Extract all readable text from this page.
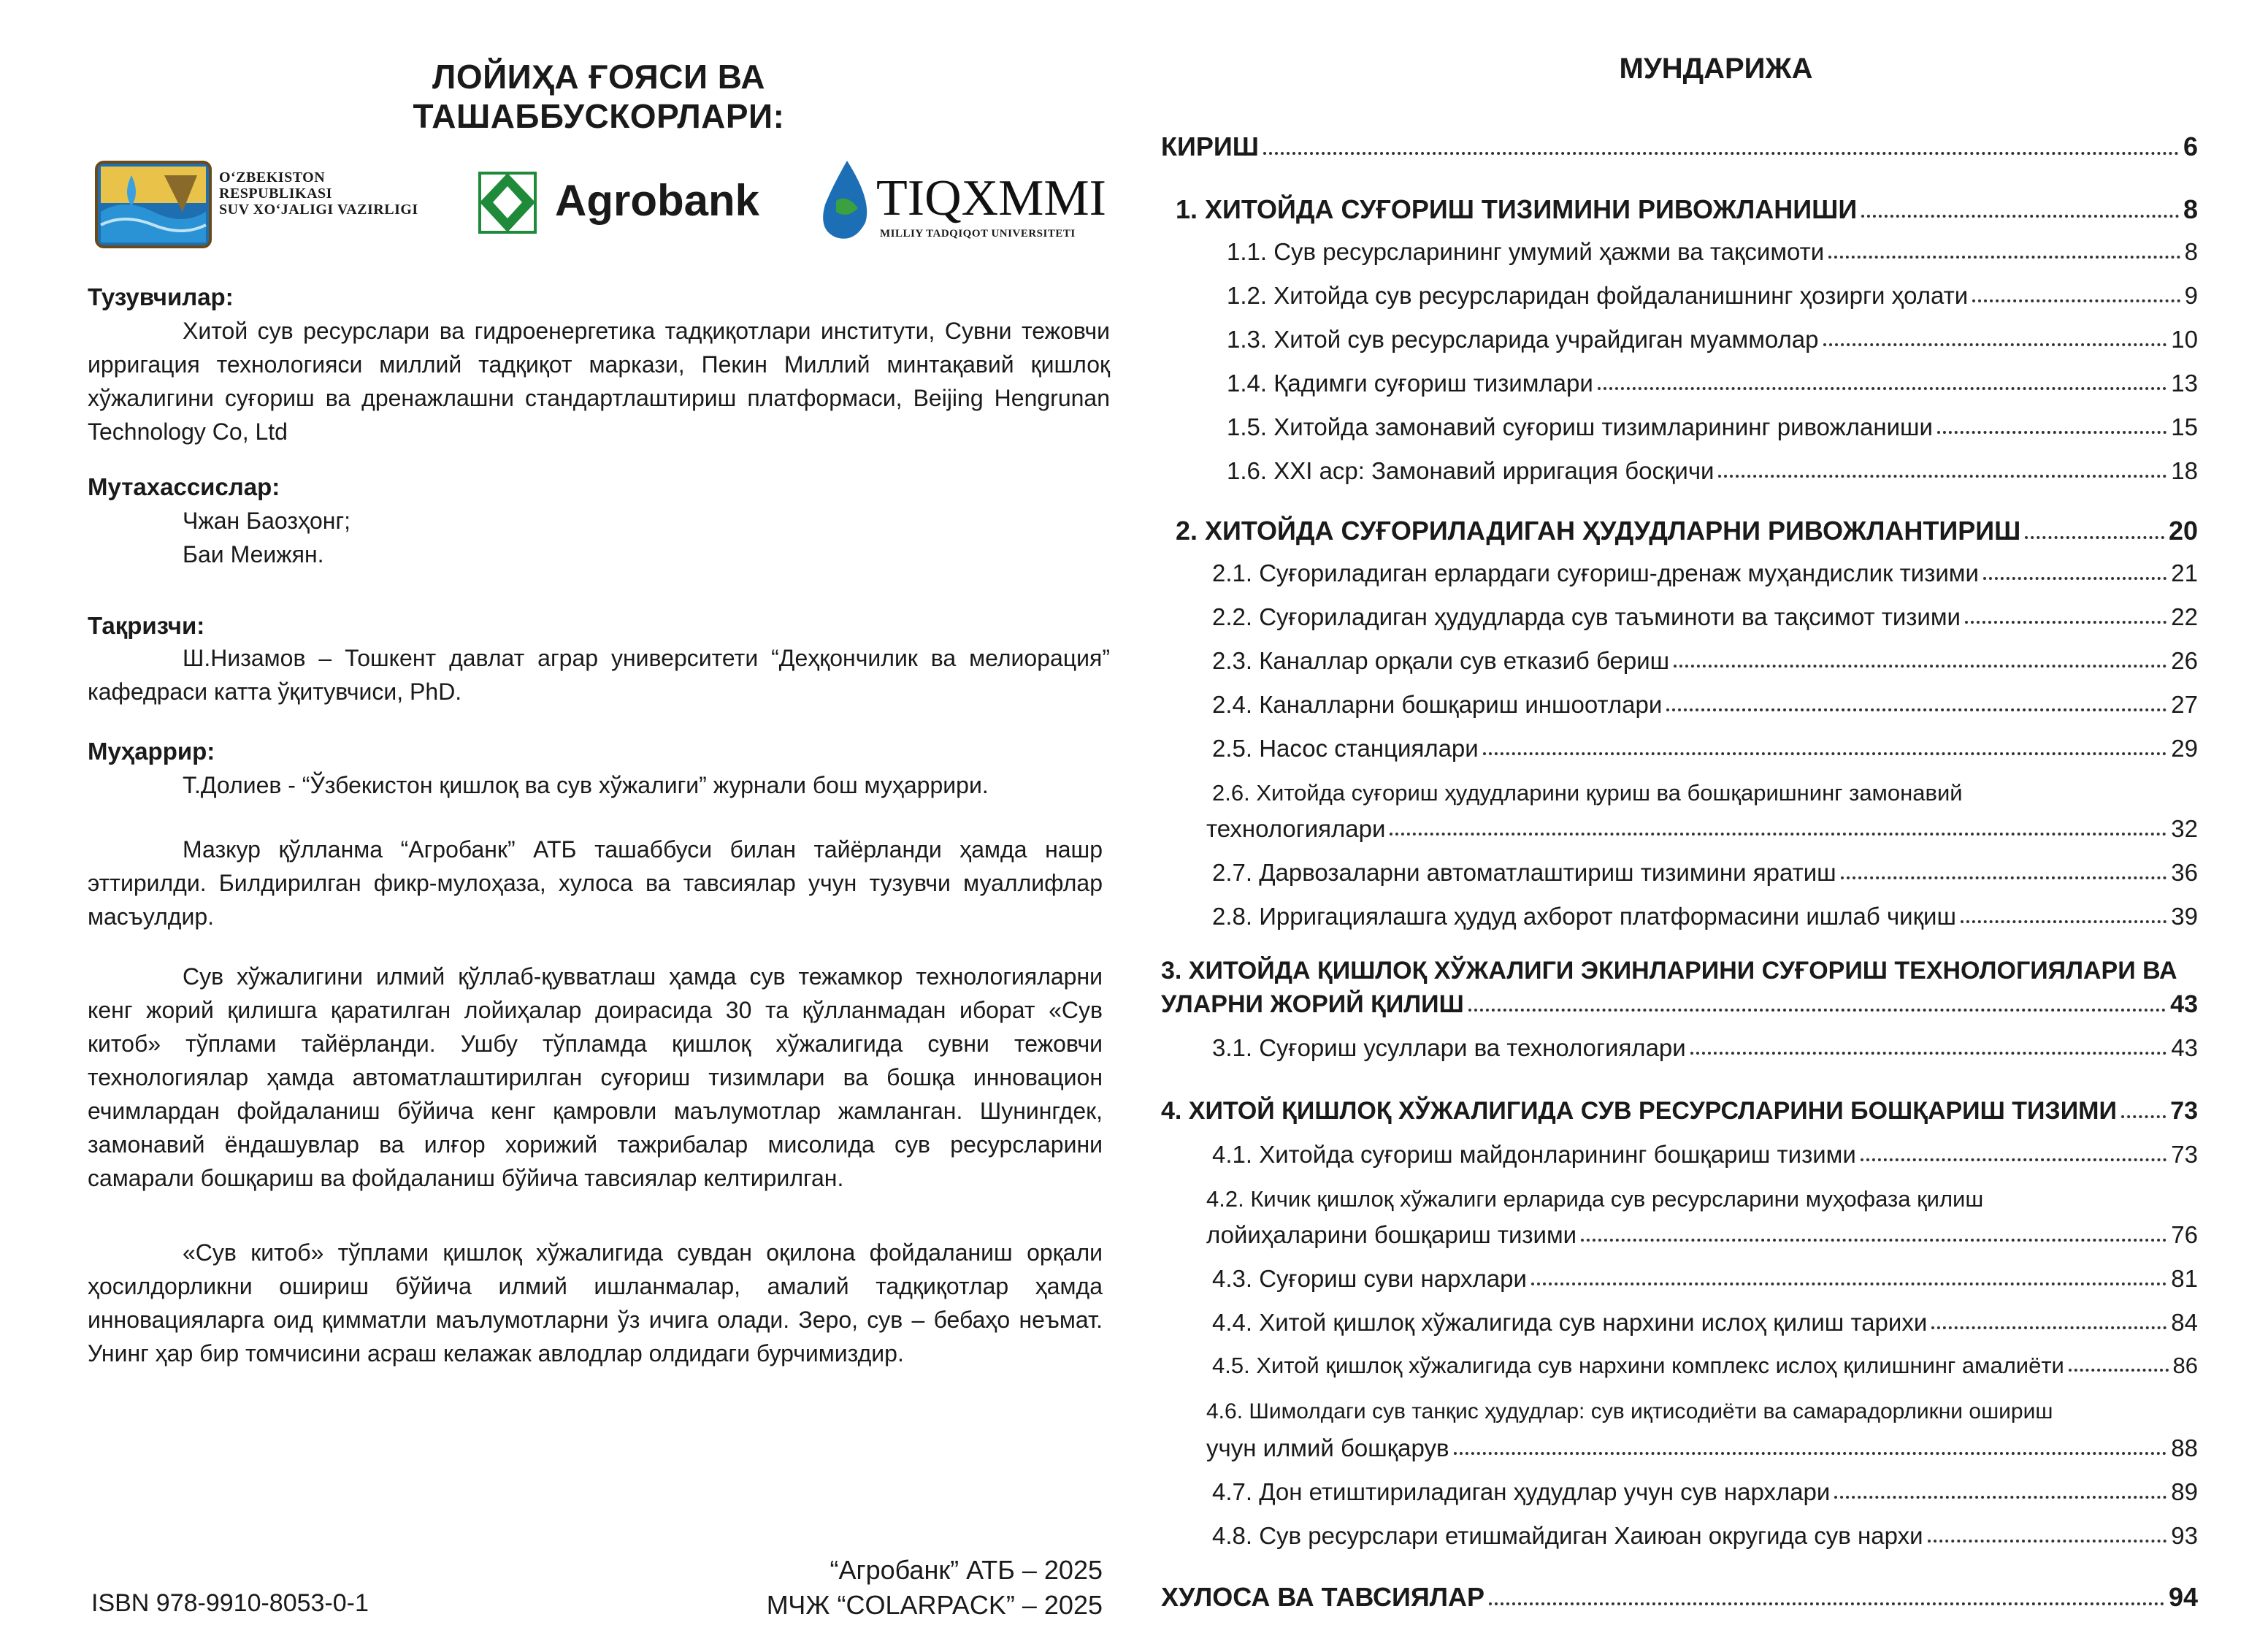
ЛОЙИҲА ҒОЯСИ ВА ТАШАББУСКОРЛАРИ:
OʻZBEKISTON
RESPUBLIKASI
SUV XOʻJALIGI VAZIRLIGI	Agrobank TIQXMMI
MILLIY TADQIQOT UNIVERSITETI
Тузувчилар:
Хитой сув ресурслари ва гидроенергетика тадқиқотлари институти, Сувни тежовчи ирригация технологияси миллий тадқиқот маркази, Пекин Миллий минтақавий қишлоқ хўжалигини суғориш ва дренажлашни стандартлаштириш платформаси, Beijing Hengrunan Technology Co, Ltd
Мутахассислар:
Чжан Баозҳонг;
Баи Меижян.
Тақризчи:
Ш.Низамов – Тошкент давлат аграр университети “Деҳқончилик ва мелиорация” кафедраси катта ўқитувчиси, PhD.
Муҳаррир:
Т.Долиев - “Ўзбекистон қишлоқ ва сув хўжалиги” журнали бош муҳаррири.
Мазкур қўлланма “Агробанк” АТБ ташаббуси билан тайёрланди ҳамда нашр эттирилди. Билдирилган фикр-мулоҳаза, хулоса ва тавсиялар учун тузувчи муаллифлар масъулдир.
Сув хўжалигини илмий қўллаб-қувватлаш ҳамда сув тежамкор технологияларни кенг жорий қилишга қаратилган лойиҳалар доирасида 30 та қўлланмадан иборат «Сув китоб» тўплами тайёрланди. Ушбу тўпламда қишлоқ хўжалигида сувни тежовчи технологиялар ҳамда автоматлаштирилган суғориш тизимлари ва бошқа инновацион ечимлардан фойдаланиш бўйича кенг қамровли маълумотлар жамланган. Шунингдек, замонавий ёндашувлар ва илғор хорижий тажрибалар мисолида сув ресурсларини самарали бошқариш ва фойдаланиш бўйича тавсиялар келтирилган.
«Сув китоб» тўплами қишлоқ хўжалигида сувдан оқилона фойдаланиш орқали ҳосилдорликни ошириш бўйича илмий ишланмалар, амалий тадқиқотлар ҳамда инновацияларга оид қимматли маълумотларни ўз ичига олади. Зеро, сув – бебаҳо неъмат. Унинг ҳар бир томчисини асраш келажак авлодлар олдидаги бурчимиздир.
ISBN 978-9910-8053-0-1
“Агробанк” АТБ – 2025
МЧЖ “COLARPACK” – 2025
МУНДАРИЖА
КИРИШ	6
1. ХИТОЙДА СУҒОРИШ ТИЗИМИНИ РИВОЖЛАНИШИ	8
1.1. Сув ресурсларининг умумий ҳажми ва тақсимоти	8
1.2. Хитойда сув ресурсларидан фойдаланишнинг ҳозирги ҳолати	9
1.3. Хитой сув ресурсларида учрайдиган муаммолар	10
1.4. Қадимги суғориш тизимлари	13
1.5. Хитойда замонавий суғориш тизимларининг ривожланиши	15
1.6. XXI аср: Замонавий ирригация босқичи	18
2. ХИТОЙДА СУҒОРИЛАДИГАН ҲУДУДЛАРНИ РИВОЖЛАНТИРИШ	20
2.1. Суғориладиган ерлардаги суғориш-дренаж муҳандислик тизими	21
2.2. Суғориладиган ҳудудларда сув таъминоти ва тақсимот тизими	22
2.3. Каналлар орқали сув етказиб бериш	26
2.4. Каналларни бошқариш иншоотлари	27
2.5. Насос станциялари	29
2.6. Хитойда суғориш ҳудудларини қуриш ва бошқаришнинг замонавий
технологиялари	32
2.7. Дарвозаларни автоматлаштириш тизимини яратиш	36
2.8. Ирригациялашга ҳудуд ахборот платформасини ишлаб чиқиш	39
3. ХИТОЙДА ҚИШЛОҚ ХЎЖАЛИГИ ЭКИНЛАРИНИ СУҒОРИШ ТЕХНОЛОГИЯЛАРИ ВА
УЛАРНИ ЖОРИЙ ҚИЛИШ	43
3.1. Суғориш усуллари ва технологиялари	43
4. ХИТОЙ ҚИШЛОҚ ХЎЖАЛИГИДА СУВ РЕСУРСЛАРИНИ БОШҚАРИШ ТИЗИМИ 73
4.1. Хитойда суғориш майдонларининг бошқариш тизими	73
4.2. Кичик қишлоқ хўжалиги ерларида сув ресурсларини муҳофаза қилиш
лойиҳаларини бошқариш тизими	76
4.3. Суғориш суви нархлари	81
4.4. Хитой қишлоқ хўжалигида сув нархини ислоҳ қилиш тарихи	84
4.5. Хитой қишлоқ хўжалигида сув нархини комплекс ислоҳ қилишнинг амалиёти	86
4.6. Шимолдаги сув танқис ҳудудлар: сув иқтисодиёти ва самарадорликни ошириш
учун илмий бошқарув	88
4.7. Дон етиштириладиган ҳудудлар учун сув нархлари	89
4.8. Сув ресурслари етишмайдиган Хаиюан округида сув нархи	93
ХУЛОСА ВА ТАВСИЯЛАР	94
